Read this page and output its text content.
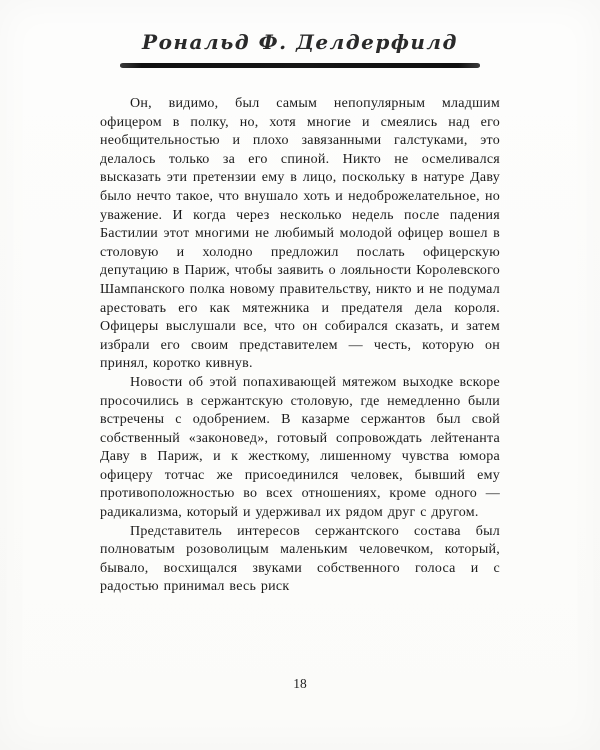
Рональд Ф. Делдерфилд

Он, видимо, был самым непопулярным младшим офицером в полку, но, хотя многие и смеялись над его необщительностью и плохо завязанными галстуками, это делалось только за его спиной. Никто не осмеливался высказать эти претензии ему в лицо, поскольку в натуре Даву было нечто такое, что внушало хоть и недоброжелательное, но уважение. И когда через несколько недель после падения Бастилии этот многими не любимый молодой офицер вошел в столовую и холодно предложил послать офицерскую депутацию в Париж, чтобы заявить о лояльности Королевского Шампанского полка новому правительству, никто и не подумал арестовать его как мятежника и предателя дела короля. Офицеры выслушали все, что он собирался сказать, и затем избрали его своим представителем — честь, которую он принял, коротко кивнув.

Новости об этой попахивающей мятежом выходке вскоре просочились в сержантскую столовую, где немедленно были встречены с одобрением. В казарме сержантов был свой собственный «законовед», готовый сопровождать лейтенанта Даву в Париж, и к жесткому, лишенному чувства юмора офицеру тотчас же присоединился человек, бывший ему противоположностью во всех отношениях, кроме одного — радикализма, который и удерживал их рядом друг с другом.

Представитель интересов сержантского состава был полноватым розоволицым маленьким человечком, который, бывало, восхищался звуками собственного голоса и с радостью принимал весь риск

18
